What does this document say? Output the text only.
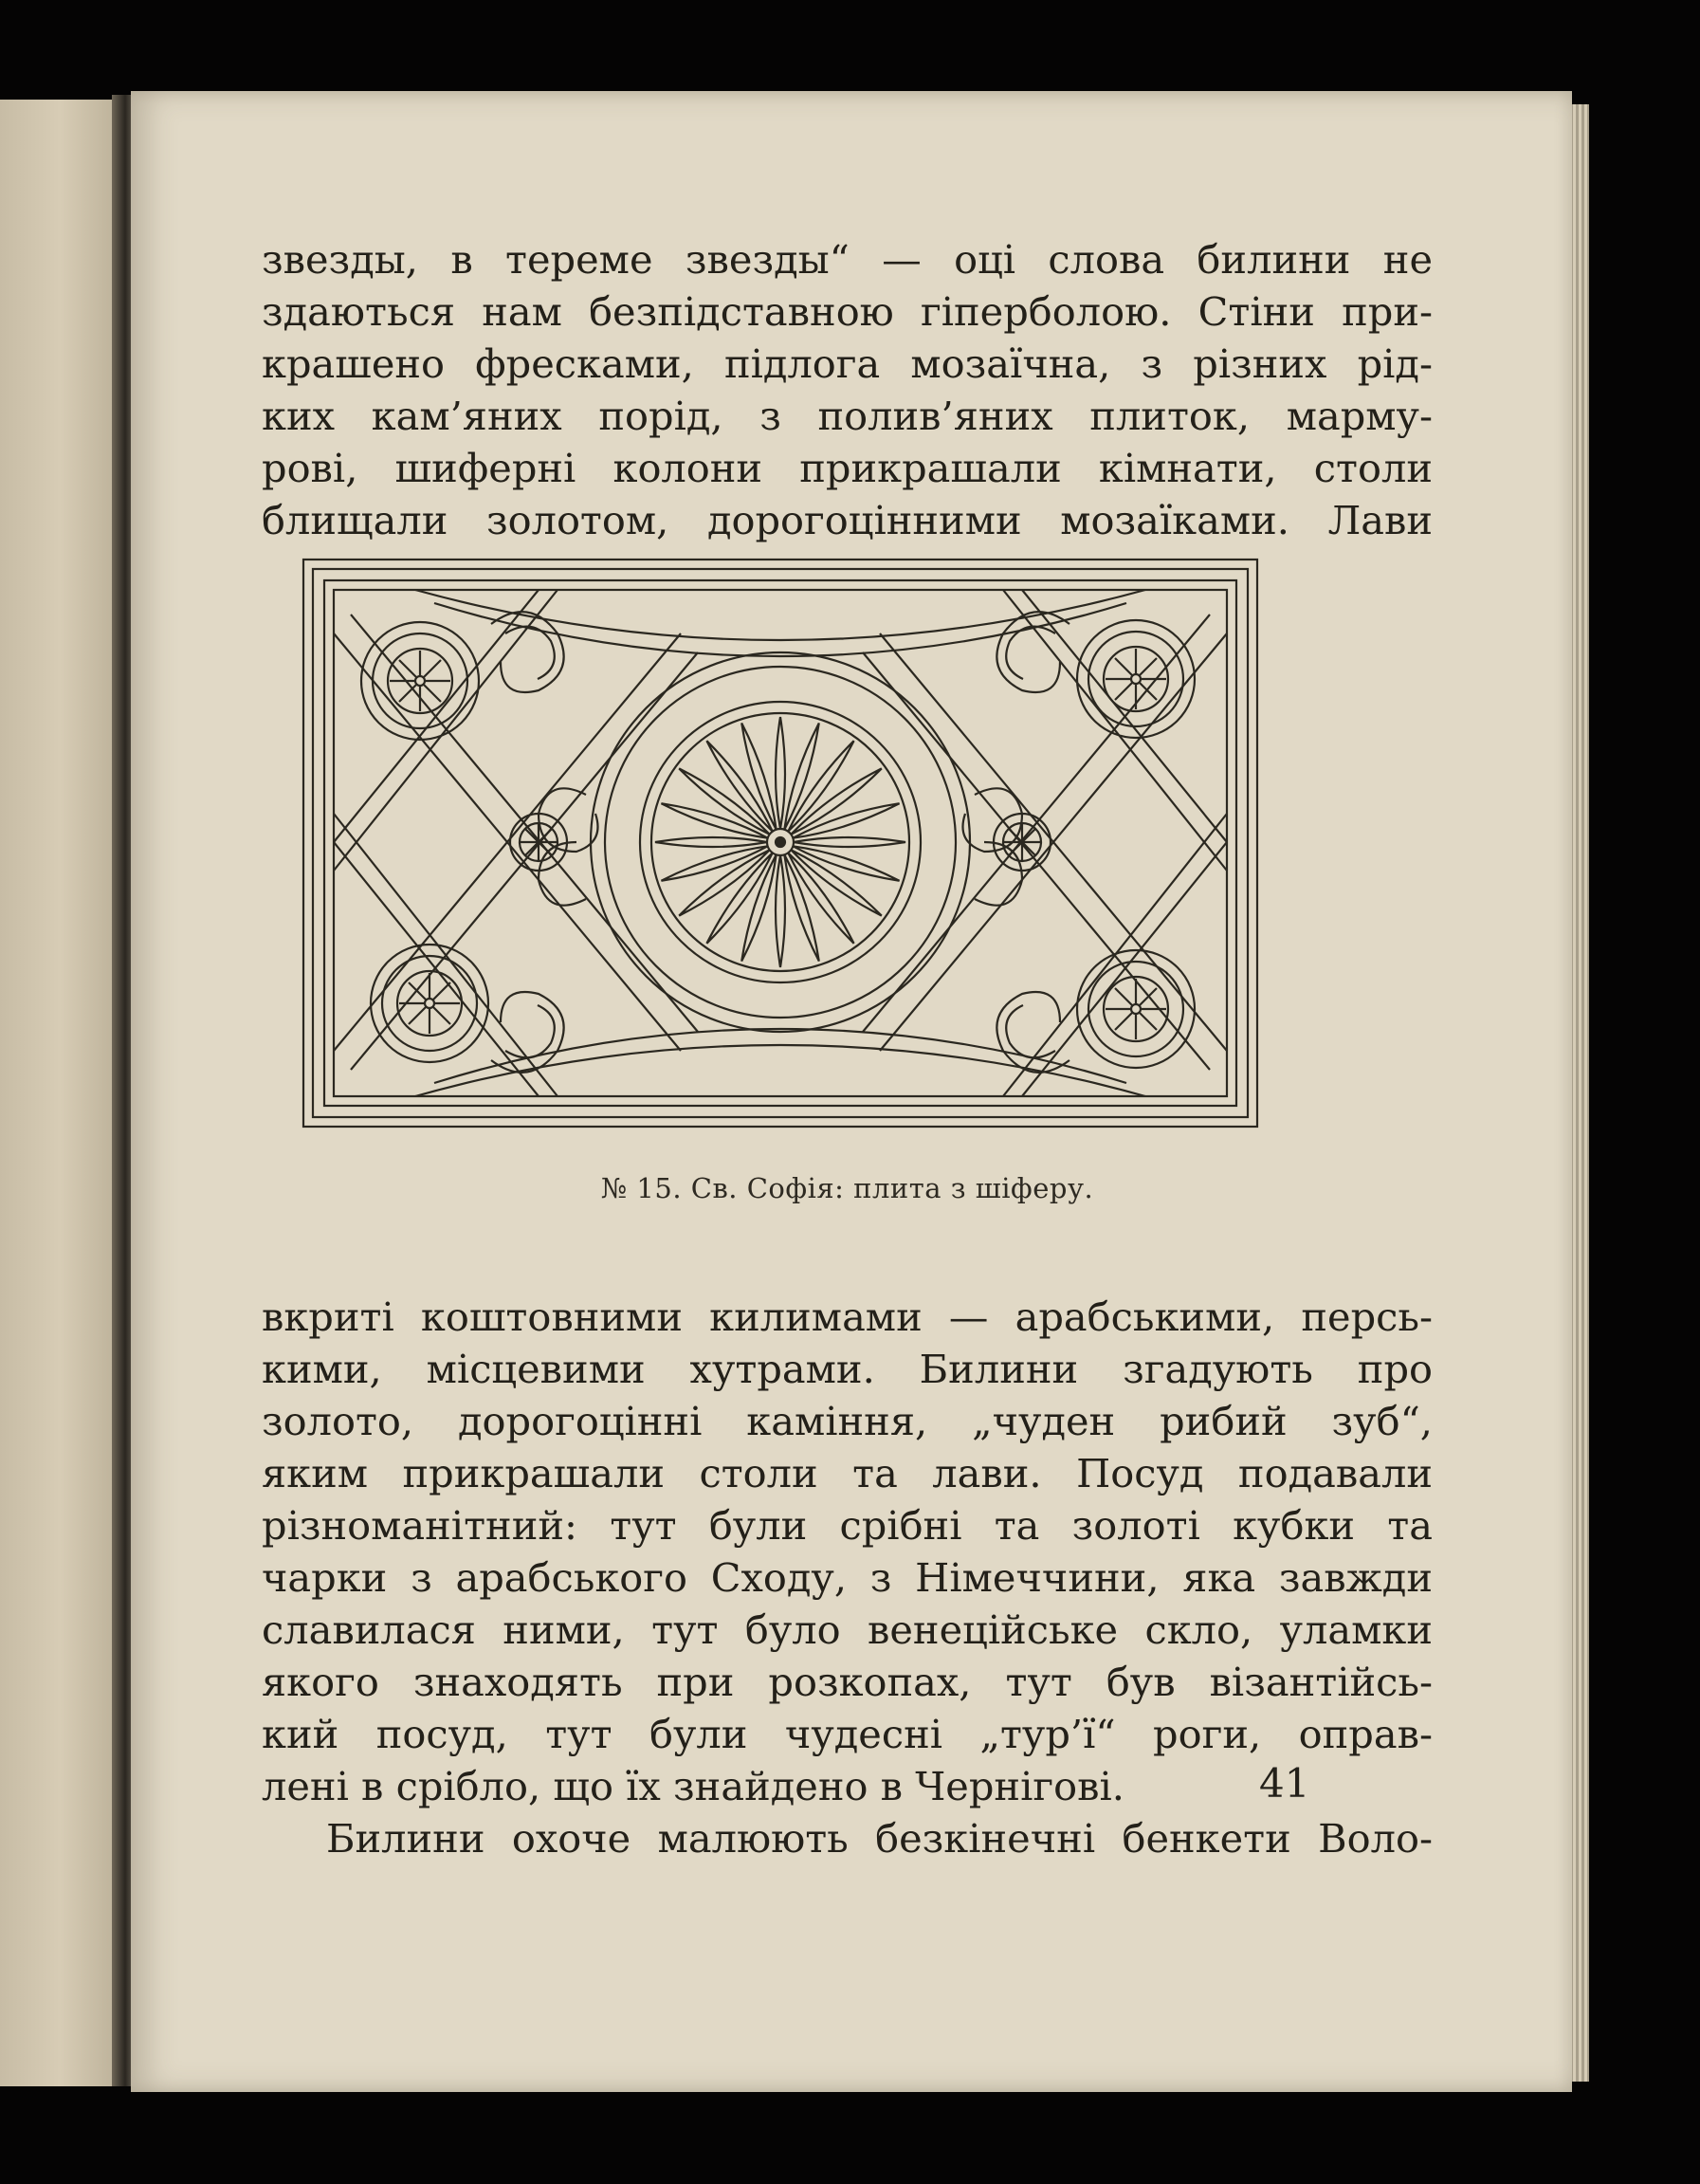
звезды, в тереме звезды“ — оці слова билини не
здаються нам безпідставною гіперболою. Стіни при-
крашено фресками, підлога мозаїчна, з різних рід-
ких кам’яних порід, з полив’яних плиток, марму-
рові, шиферні колони прикрашали кімнати, столи
блищали золотом, дорогоцінними мозаїками. Лави
№ 15. Св. Софія: плита з шіферу.
вкриті коштовними килимами — арабськими, персь-
кими, місцевими хутрами. Билини згадують про
золото, дорогоцінні каміння, „чуден рибий зуб“,
яким прикрашали столи та лави. Посуд подавали
різноманітний: тут були срібні та золоті кубки та
чарки з арабського Сходу, з Німеччини, яка завжди
славилася ними, тут було венеційське скло, уламки
якого знаходять при розкопах, тут був візантійсь-
кий посуд, тут були чудесні „тур’ї“ роги, оправ-
лені в срібло, що їх знайдено в Чернігові.
Билини охоче малюють безкінечні бенкети Воло-
41
